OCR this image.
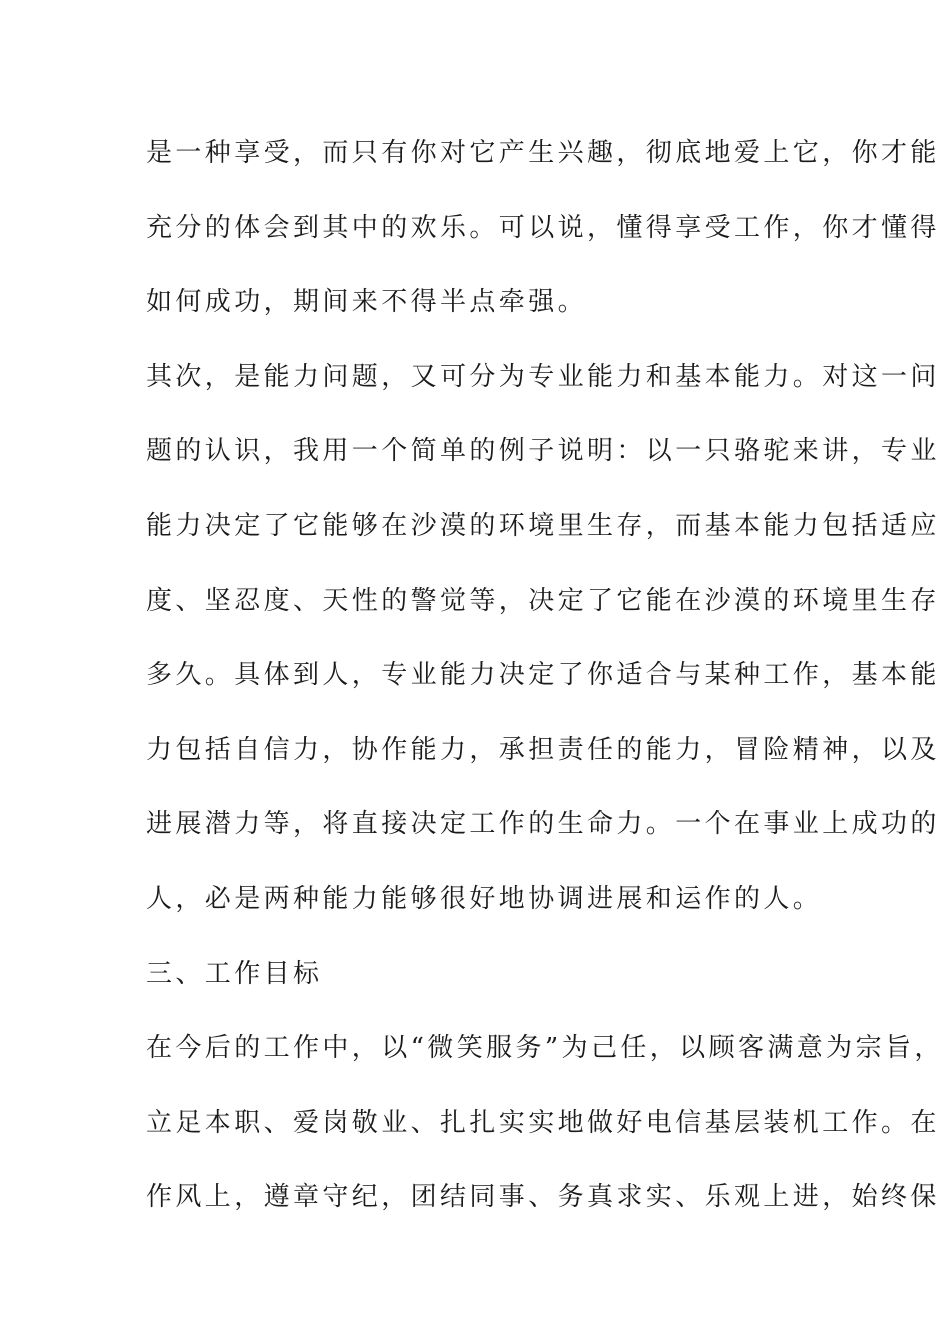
是一种享受，而只有你对它产生兴趣，彻底地爱上它，你才能
充分的体会到其中的欢乐。可以说，懂得享受工作，你才懂得
如何成功，期间来不得半点牵强。
其次，是能力问题，又可分为专业能力和基本能力。对这一问
题的认识，我用一个简单的例子说明：以一只骆驼来讲，专业
能力决定了它能够在沙漠的环境里生存，而基本能力包括适应
度、坚忍度、天性的警觉等，决定了它能在沙漠的环境里生存
多久。具体到人，专业能力决定了你适合与某种工作，基本能
力包括自信力，协作能力，承担责任的能力，冒险精神，以及
进展潜力等，将直接决定工作的生命力。一个在事业上成功的
人，必是两种能力能够很好地协调进展和运作的人。
三、工作目标
在今后的工作中，以“微笑服务”为己任，以顾客满意为宗旨，
立足本职、爱岗敬业、扎扎实实地做好电信基层装机工作。在
作风上，遵章守纪，团结同事、务真求实、乐观上进，始终保
